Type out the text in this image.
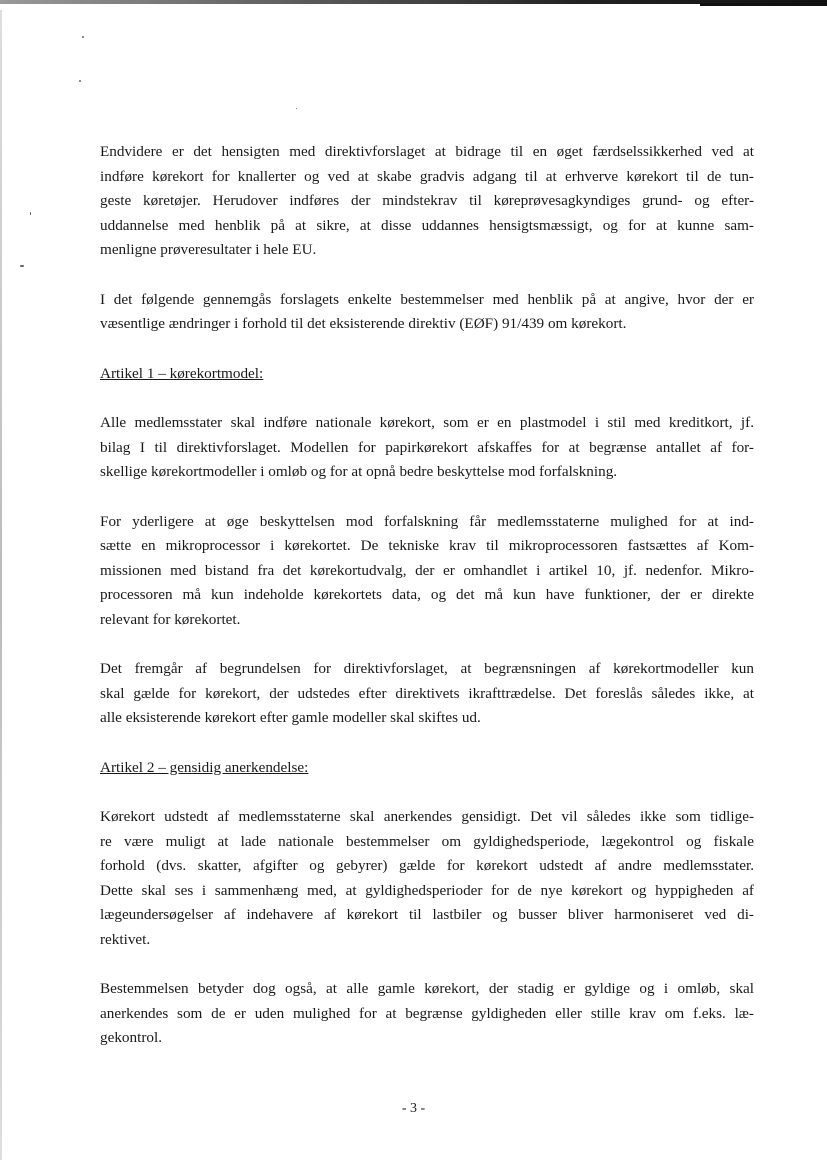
Endvidere er det hensigten med direktivforslaget at bidrage til en øget færdselssikkerhed ved at
indføre kørekort for knallerter og ved at skabe gradvis adgang til at erhverve kørekort til de tun-
geste køretøjer. Herudover indføres der mindstekrav til køreprøvesagkyndiges grund- og efter-
uddannelse med henblik på at sikre, at disse uddannes hensigtsmæssigt, og for at kunne sam-
menligne prøveresultater i hele EU.
I det følgende gennemgås forslagets enkelte bestemmelser med henblik på at angive, hvor der er
væsentlige ændringer i forhold til det eksisterende direktiv (EØF) 91/439 om kørekort.
Artikel 1 – kørekortmodel:
Alle medlemsstater skal indføre nationale kørekort, som er en plastmodel i stil med kreditkort, jf.
bilag I til direktivforslaget. Modellen for papirkørekort afskaffes for at begrænse antallet af for-
skellige kørekortmodeller i omløb og for at opnå bedre beskyttelse mod forfalskning.
For yderligere at øge beskyttelsen mod forfalskning får medlemsstaterne mulighed for at ind-
sætte en mikroprocessor i kørekortet. De tekniske krav til mikroprocessoren fastsættes af Kom-
missionen med bistand fra det kørekortudvalg, der er omhandlet i artikel 10, jf. nedenfor. Mikro-
processoren må kun indeholde kørekortets data, og det må kun have funktioner, der er direkte
relevant for kørekortet.
Det fremgår af begrundelsen for direktivforslaget, at begrænsningen af kørekortmodeller kun
skal gælde for kørekort, der udstedes efter direktivets ikrafttrædelse. Det foreslås således ikke, at
alle eksisterende kørekort efter gamle modeller skal skiftes ud.
Artikel 2 – gensidig anerkendelse:
Kørekort udstedt af medlemsstaterne skal anerkendes gensidigt. Det vil således ikke som tidlige-
re være muligt at lade nationale bestemmelser om gyldighedsperiode, lægekontrol og fiskale
forhold (dvs. skatter, afgifter og gebyrer) gælde for kørekort udstedt af andre medlemsstater.
Dette skal ses i sammenhæng med, at gyldighedsperioder for de nye kørekort og hyppigheden af
lægeundersøgelser af indehavere af kørekort til lastbiler og busser bliver harmoniseret ved di-
rektivet.
Bestemmelsen betyder dog også, at alle gamle kørekort, der stadig er gyldige og i omløb, skal
anerkendes som de er uden mulighed for at begrænse gyldigheden eller stille krav om f.eks. læ-
gekontrol.
- 3 -
